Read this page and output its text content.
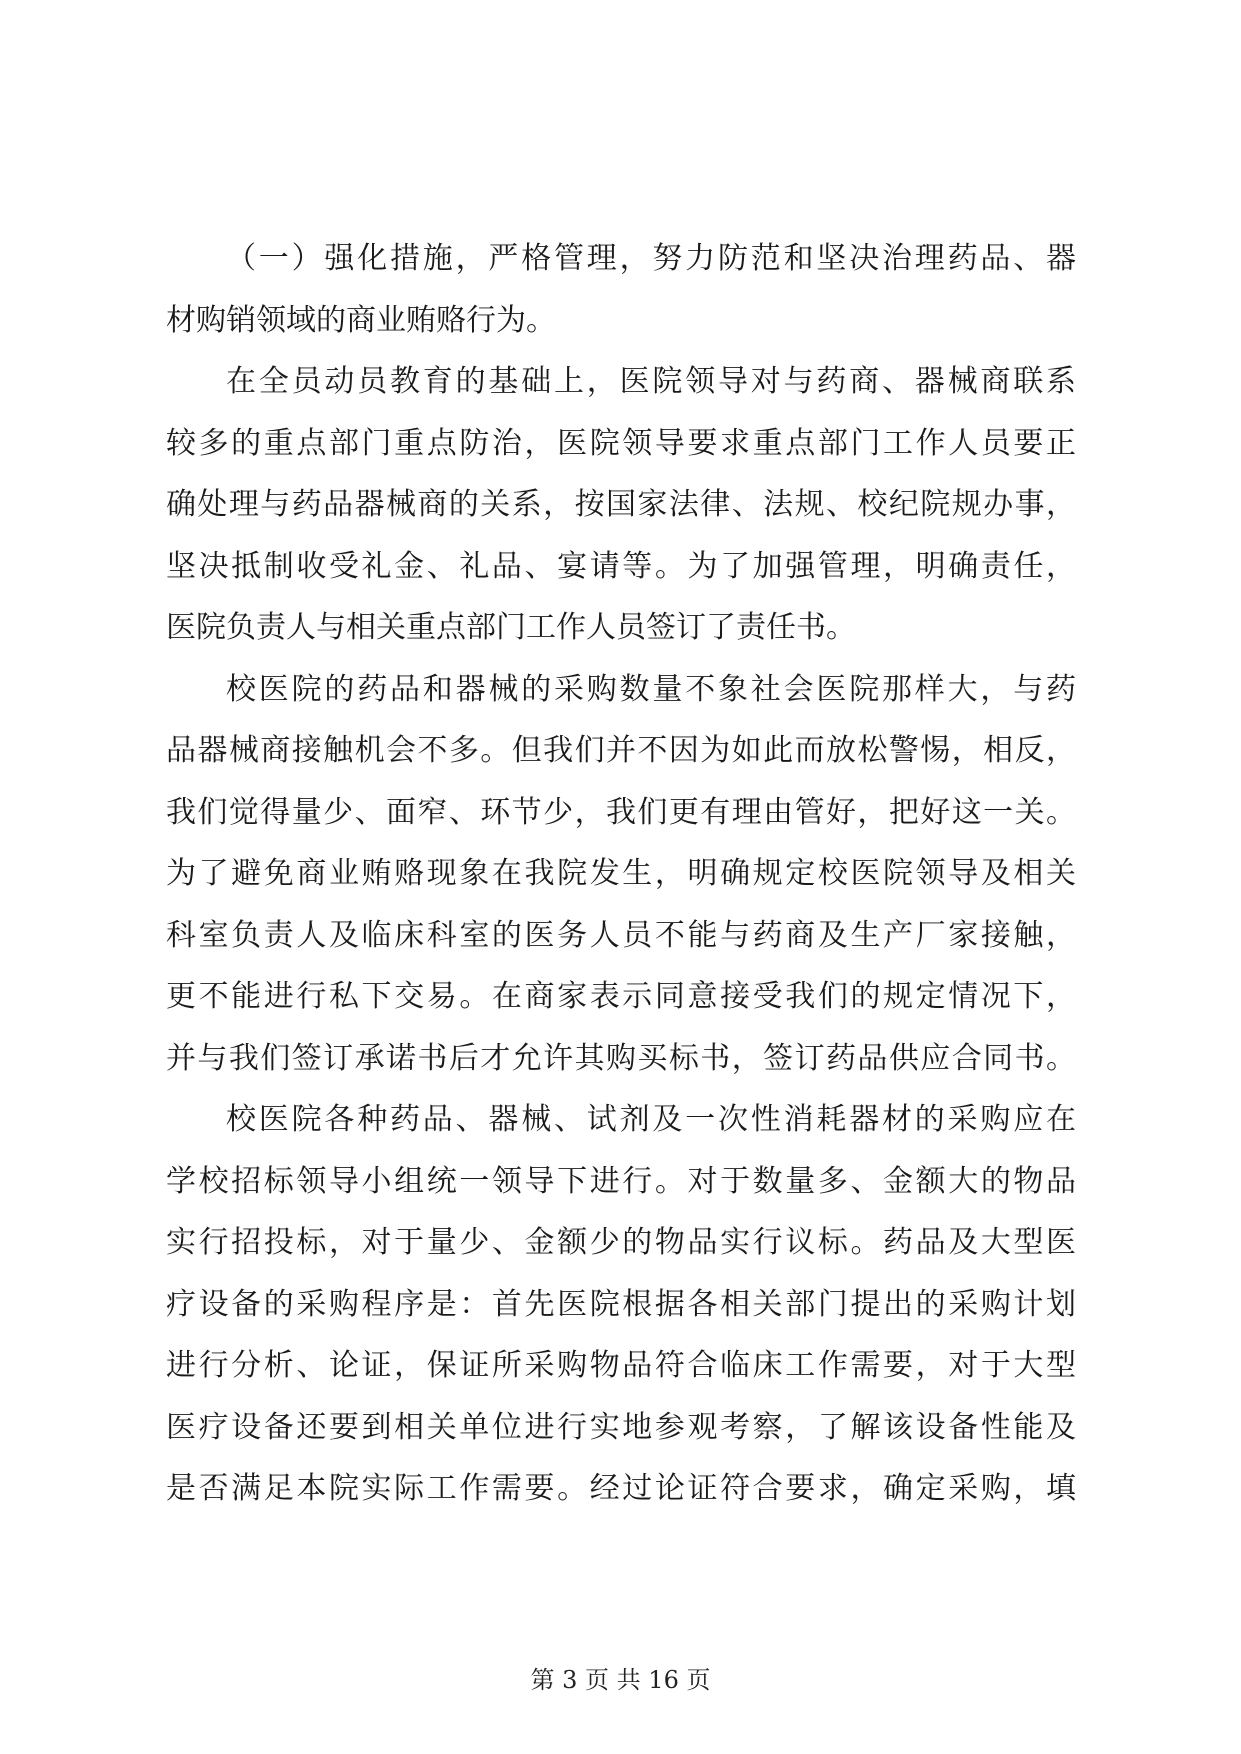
（一）强化措施，严格管理，努力防范和坚决治理药品、器
材购销领域的商业贿赂行为。
在全员动员教育的基础上，医院领导对与药商、器械商联系
较多的重点部门重点防治，医院领导要求重点部门工作人员要正
确处理与药品器械商的关系，按国家法律、法规、校纪院规办事，
坚决抵制收受礼金、礼品、宴请等。为了加强管理，明确责任，
医院负责人与相关重点部门工作人员签订了责任书。
校医院的药品和器械的采购数量不象社会医院那样大，与药
品器械商接触机会不多。但我们并不因为如此而放松警惕，相反，
我们觉得量少、面窄、环节少，我们更有理由管好，把好这一关。
为了避免商业贿赂现象在我院发生，明确规定校医院领导及相关
科室负责人及临床科室的医务人员不能与药商及生产厂家接触，
更不能进行私下交易。在商家表示同意接受我们的规定情况下，
并与我们签订承诺书后才允许其购买标书，签订药品供应合同书。
校医院各种药品、器械、试剂及一次性消耗器材的采购应在
学校招标领导小组统一领导下进行。对于数量多、金额大的物品
实行招投标，对于量少、金额少的物品实行议标。药品及大型医
疗设备的采购程序是：首先医院根据各相关部门提出的采购计划
进行分析、论证，保证所采购物品符合临床工作需要，对于大型
医疗设备还要到相关单位进行实地参观考察，了解该设备性能及
是否满足本院实际工作需要。经过论证符合要求，确定采购，填
第 3 页 共 16 页
